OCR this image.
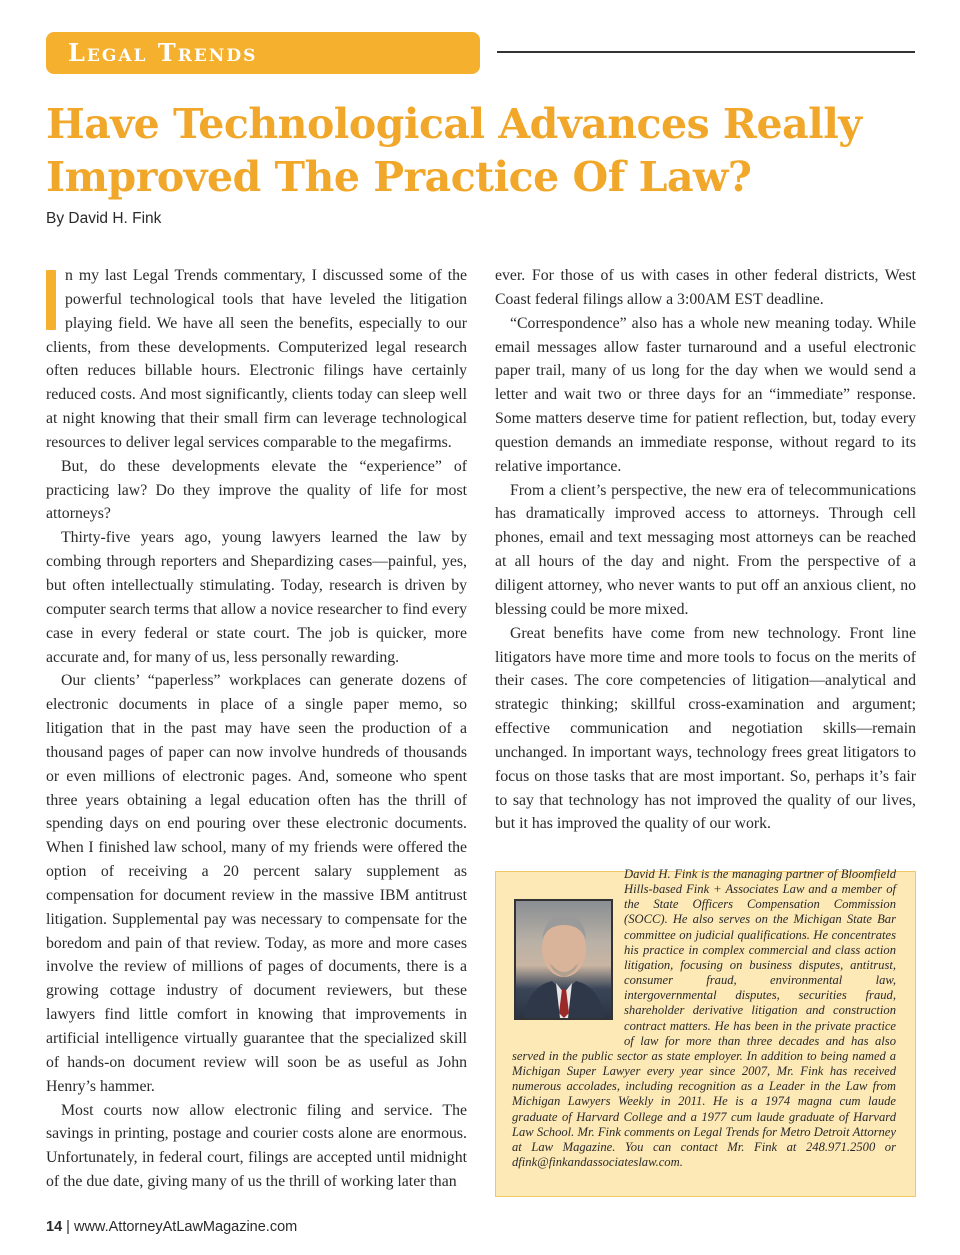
Legal Trends
Have Technological Advances Really Improved The Practice Of Law?
By David H. Fink

n my last Legal Trends commentary, I discussed some of the powerful technological tools that have leveled the litigation playing field. We have all seen the benefits, especially to our clients, from these developments. Computerized legal research often reduces billable hours. Electronic filings have certainly reduced costs. And most significantly, clients today can sleep well at night knowing that their small firm can leverage technological resources to deliver legal services comparable to the megafirms.

But, do these developments elevate the “experience” of practicing law? Do they improve the quality of life for most attorneys?

Thirty-five years ago, young lawyers learned the law by combing through reporters and Shepardizing cases—painful, yes, but often intellectually stimulating. Today, research is driven by computer search terms that allow a novice researcher to find every case in every federal or state court. The job is quicker, more accurate and, for many of us, less personally rewarding.

Our clients’ “paperless” workplaces can generate dozens of electronic documents in place of a single paper memo, so litigation that in the past may have seen the production of a thousand pages of paper can now involve hundreds of thousands or even millions of electronic pages. And, someone who spent three years obtaining a legal education often has the thrill of spending days on end pouring over these electronic documents. When I finished law school, many of my friends were offered the option of receiving a 20 percent salary supplement as compensation for document review in the massive IBM antitrust litigation. Supplemental pay was necessary to compensate for the boredom and pain of that review. Today, as more and more cases involve the review of millions of pages of documents, there is a growing cottage industry of document reviewers, but these lawyers find little comfort in knowing that improvements in artificial intelligence virtually guarantee that the specialized skill of hands-on document review will soon be as useful as John Henry’s hammer.

Most courts now allow electronic filing and service. The savings in printing, postage and courier costs alone are enormous. Unfortunately, in federal court, filings are accepted until midnight of the due date, giving many of us the thrill of working later than

ever. For those of us with cases in other federal districts, West Coast federal filings allow a 3:00AM EST deadline.

“Correspondence” also has a whole new meaning today. While email messages allow faster turnaround and a useful electronic paper trail, many of us long for the day when we would send a letter and wait two or three days for an “immediate” response. Some matters deserve time for patient reflection, but, today every question demands an immediate response, without regard to its relative importance.

From a client’s perspective, the new era of telecommunications has dramatically improved access to attorneys. Through cell phones, email and text messaging most attorneys can be reached at all hours of the day and night. From the perspective of a diligent attorney, who never wants to put off an anxious client, no blessing could be more mixed.

Great benefits have come from new technology. Front line litigators have more time and more tools to focus on the merits of their cases. The core competencies of litigation—analytical and strategic thinking; skillful cross-examination and argument; effective communication and negotiation skills—remain unchanged. In important ways, technology frees great litigators to focus on those tasks that are most important. So, perhaps it’s fair to say that technology has not improved the quality of our lives, but it has improved the quality of our work.

David H. Fink is the managing partner of Bloomfield Hills-based Fink + Associates Law and a member of the State Officers Compensation Commission (SOCC). He also serves on the Michigan State Bar committee on judicial qualifications. He concentrates his practice in complex commercial and class action litigation, focusing on business disputes, antitrust, consumer fraud, environmental law, intergovernmental disputes, securities fraud, shareholder derivative litigation and construction contract matters. He has been in the private practice of law for more than three decades and has also served in the public sector as state employer. In addition to being named a Michigan Super Lawyer every year since 2007, Mr. Fink has received numerous accolades, including recognition as a Leader in the Law from Michigan Lawyers Weekly in 2011. He is a 1974 magna cum laude graduate of Harvard College and a 1977 cum laude graduate of Harvard Law School. Mr. Fink comments on Legal Trends for Metro Detroit Attorney at Law Magazine. You can contact Mr. Fink at 248.971.2500 or dfink@finkandassociateslaw.com.
14 | www.AttorneyAtLawMagazine.com
